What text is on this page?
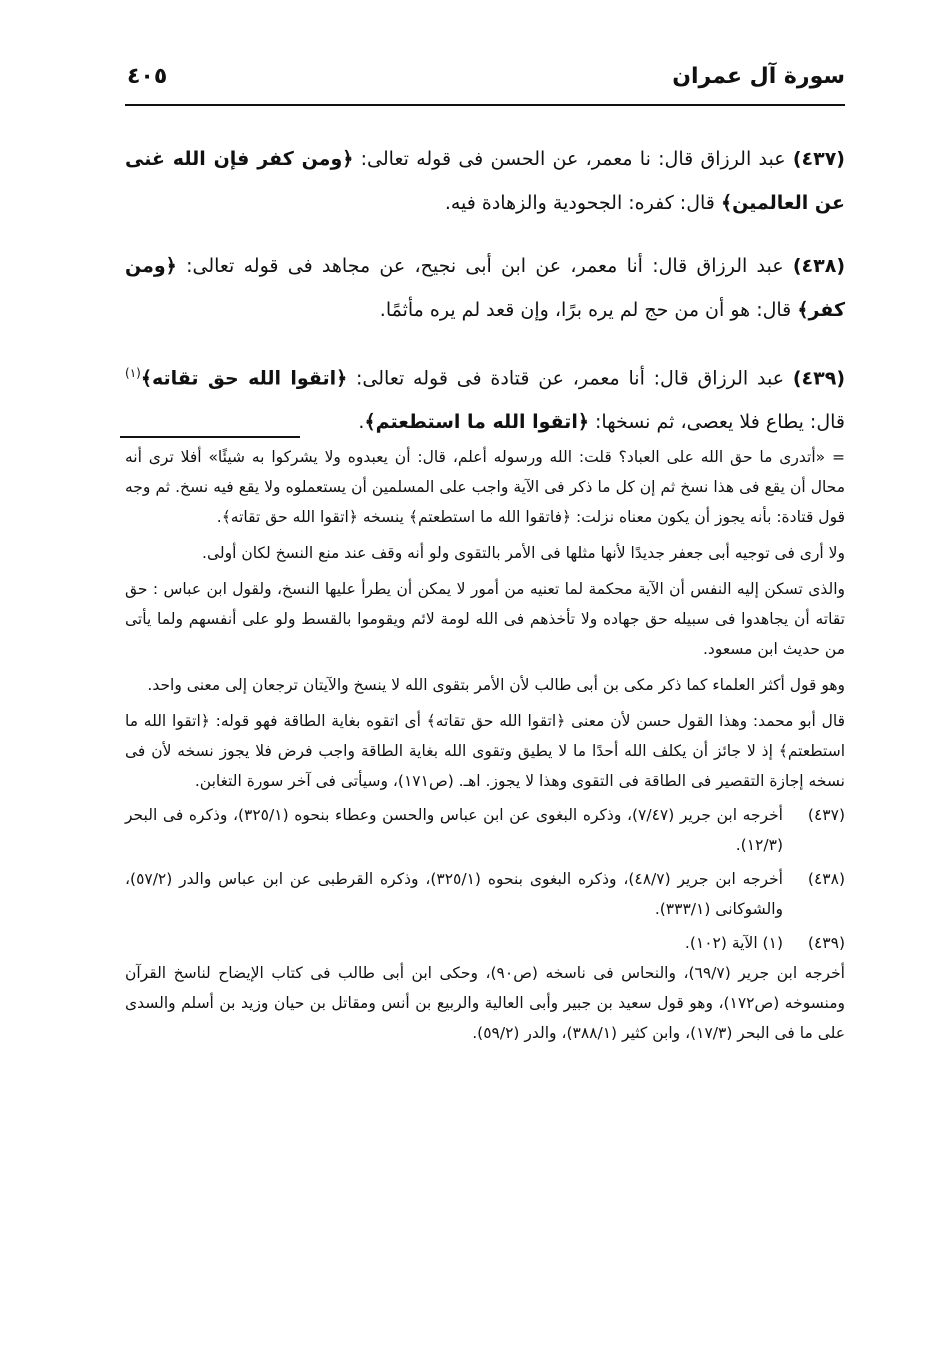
سورة آل عمران
٤٠٥

(٤٣٧) عبد الرزاق قال: نا معمر، عن الحسن فى قوله تعالى: ﴿ومن كفر فإن الله غنى عن العالمين﴾ قال: كفره: الجحودية والزهادة فيه.

(٤٣٨) عبد الرزاق قال: أنا معمر، عن ابن أبى نجيح، عن مجاهد فى قوله تعالى: ﴿ومن كفر﴾ قال: هو أن من حج لم يره برًا، وإن قعد لم يره مأثمًا.

(٤٣٩) عبد الرزاق قال: أنا معمر، عن قتادة فى قوله تعالى: ﴿اتقوا الله حق تقاته﴾$^{(١)}$ قال: يطاع فلا يعصى، ثم نسخها: ﴿اتقوا الله ما استطعتم﴾.

= «أتدرى ما حق الله على العباد؟ قلت: الله ورسوله أعلم، قال: أن يعبدوه ولا يشركوا به شيئًا» أفلا ترى أنه محال أن يقع فى هذا نسخ ثم إن كل ما ذكر فى الآية واجب على المسلمين أن يستعملوه ولا يقع فيه نسخ. ثم وجه قول قتادة: بأنه يجوز أن يكون معناه نزلت: ﴿فاتقوا الله ما استطعتم﴾ ينسخه ﴿اتقوا الله حق تقاته﴾.

ولا أرى فى توجيه أبى جعفر جديدًا لأنها مثلها فى الأمر بالتقوى ولو أنه وقف عند منع النسخ لكان أولى.

والذى تسكن إليه النفس أن الآية محكمة لما تعنيه من أمور لا يمكن أن يطرأ عليها النسخ، ولقول ابن عباس : حق تقاته أن يجاهدوا فى سبيله حق جهاده ولا تأخذهم فى الله لومة لائم ويقوموا بالقسط ولو على أنفسهم ولما يأتى من حديث ابن مسعود.

وهو قول أكثر العلماء كما ذكر مكى بن أبى طالب لأن الأمر بتقوى الله لا ينسخ والآيتان ترجعان إلى معنى واحد.

قال أبو محمد: وهذا القول حسن لأن معنى ﴿اتقوا الله حق تقاته﴾ أى اتقوه بغاية الطاقة فهو قوله: ﴿اتقوا الله ما استطعتم﴾ إذ لا جائز أن يكلف الله أحدًا ما لا يطيق وتقوى الله بغاية الطاقة واجب فرض فلا يجوز نسخه لأن فى نسخه إجازة التقصير فى الطاقة فى التقوى وهذا لا يجوز. اهـ. (ص١٧١)، وسيأتى فى آخر سورة التغابن.

(٤٣٧)
أخرجه ابن جرير (٧/٤٧)، وذكره البغوى عن ابن عباس والحسن وعطاء بنحوه (٣٢٥/١)، وذكره فى البحر (١٢/٣).
(٤٣٨)
أخرجه ابن جرير (٤٨/٧)، وذكره البغوى بنحوه (٣٢٥/١)، وذكره القرطبى عن ابن عباس والدر (٥٧/٢)، والشوكانى (٣٣٣/١).
(٤٣٩)
(١) الآية (١٠٢).

أخرجه ابن جرير (٦٩/٧)، والنحاس فى ناسخه (ص٩٠)، وحكى ابن أبى طالب فى كتاب الإيضاح لناسخ القرآن ومنسوخه (ص١٧٢)، وهو قول سعيد بن جبير وأبى العالية والربيع بن أنس ومقاتل بن حيان وزيد بن أسلم والسدى على ما فى البحر (١٧/٣)، وابن كثير (٣٨٨/١)، والدر (٥٩/٢).
